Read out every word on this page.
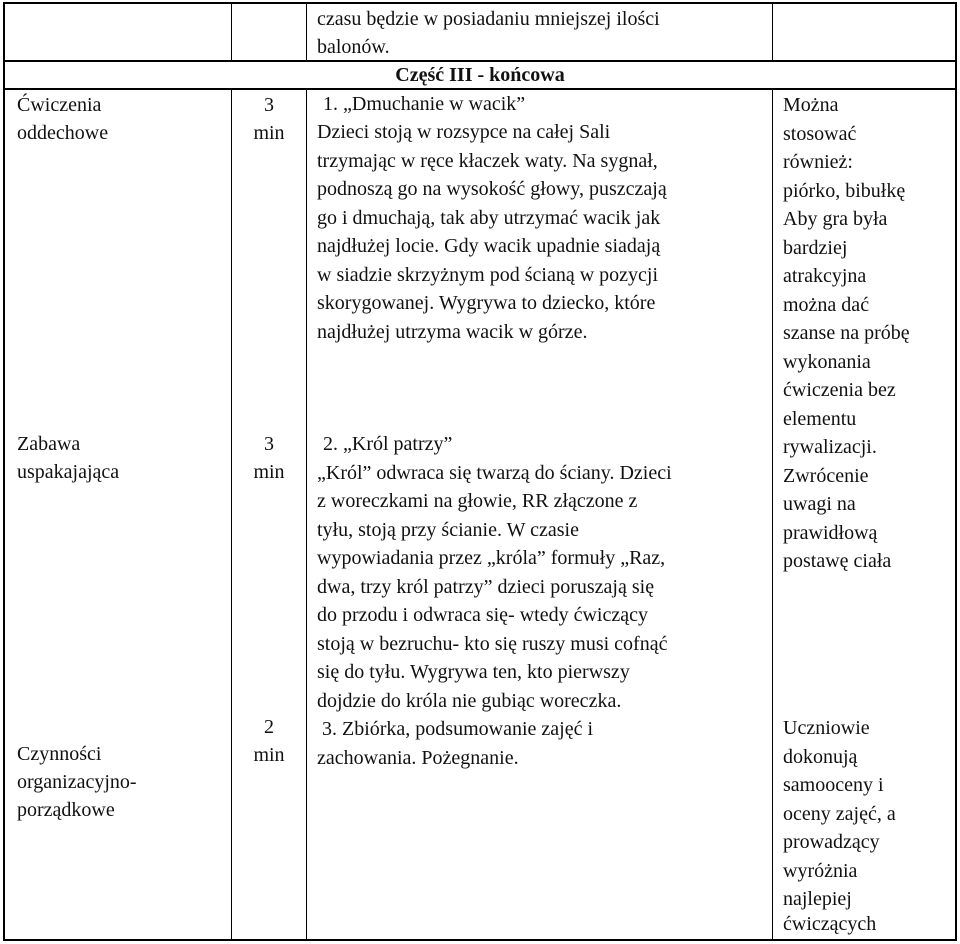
czasu będzie w posiadaniu mniejszej ilości
balonów.
Część III - końcowa
Ćwiczenia
oddechowe
Zabawa
uspakajająca
Czynności
organizacyjno-
porządkowe
3
min
3
min
2
min
1. „Dmuchanie w wacik”
Dzieci stoją w rozsypce na całej Sali
trzymając w ręce kłaczek waty. Na sygnał,
podnoszą go na wysokość głowy, puszczają
go i dmuchają, tak aby utrzymać wacik jak
najdłużej locie. Gdy wacik upadnie siadają
w siadzie skrzyżnym pod ścianą w pozycji
skorygowanej. Wygrywa to dziecko, które
najdłużej utrzyma wacik w górze.
2. „Król patrzy”
„Król” odwraca się twarzą do ściany. Dzieci
z woreczkami na głowie, RR złączone z
tyłu, stoją przy ścianie. W czasie
wypowiadania przez „króla” formuły „Raz,
dwa, trzy król patrzy” dzieci poruszają się
do przodu i odwraca się- wtedy ćwiczący
stoją w bezruchu- kto się ruszy musi cofnąć
się do tyłu. Wygrywa ten, kto pierwszy
dojdzie do króla nie gubiąc woreczka.
3. Zbiórka, podsumowanie zajęć i
zachowania. Pożegnanie.
Można
stosować
również:
piórko, bibułkę
Aby gra była
bardziej
atrakcyjna
można dać
szanse na próbę
wykonania
ćwiczenia bez
elementu
rywalizacji.
Zwrócenie
uwagi na
prawidłową
postawę ciała
Uczniowie
dokonują
samooceny i
oceny zajęć, a
prowadzący
wyróżnia
najlepiej
ćwiczących
